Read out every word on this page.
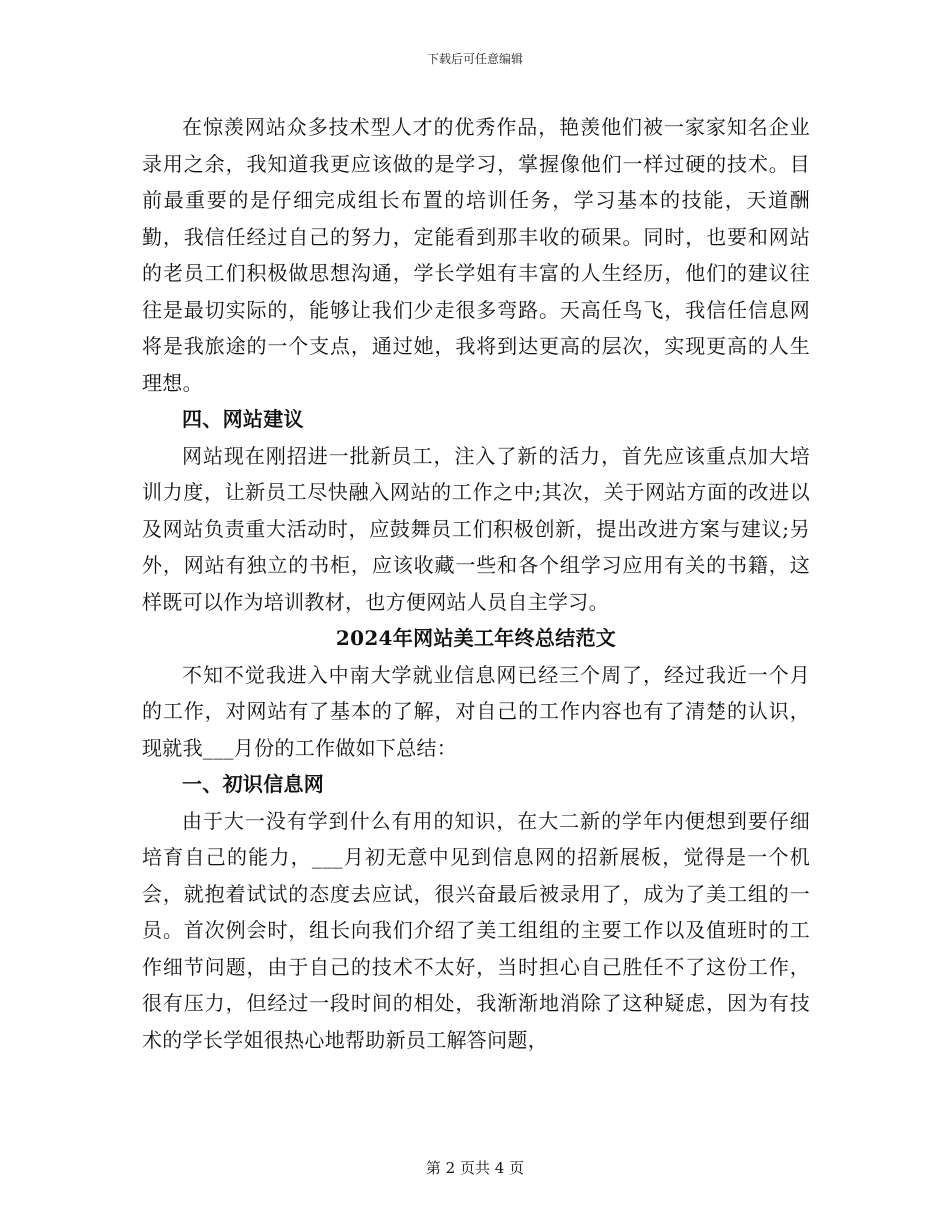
下载后可任意编辑

在惊羡网站众多技术型人才的优秀作品，艳羡他们被一家家知名企业录用之余，我知道我更应该做的是学习，掌握像他们一样过硬的技术。目前最重要的是仔细完成组长布置的培训任务，学习基本的技能，天道酬勤，我信任经过自己的努力，定能看到那丰收的硕果。同时，也要和网站的老员工们积极做思想沟通，学长学姐有丰富的人生经历，他们的建议往往是最切实际的，能够让我们少走很多弯路。天高任鸟飞，我信任信息网将是我旅途的一个支点，通过她，我将到达更高的层次，实现更高的人生理想。

四、网站建议

网站现在刚招进一批新员工，注入了新的活力，首先应该重点加大培训力度，让新员工尽快融入网站的工作之中;其次，关于网站方面的改进以及网站负责重大活动时，应鼓舞员工们积极创新，提出改进方案与建议;另外，网站有独立的书柜，应该收藏一些和各个组学习应用有关的书籍，这样既可以作为培训教材，也方便网站人员自主学习。

2024年网站美工年终总结范文

不知不觉我进入中南大学就业信息网已经三个周了，经过我近一个月的工作，对网站有了基本的了解，对自己的工作内容也有了清楚的认识，现就我___月份的工作做如下总结：

一、初识信息网

由于大一没有学到什么有用的知识，在大二新的学年内便想到要仔细培育自己的能力，___月初无意中见到信息网的招新展板，觉得是一个机会，就抱着试试的态度去应试，很兴奋最后被录用了，成为了美工组的一员。首次例会时，组长向我们介绍了美工组组的主要工作以及值班时的工作细节问题，由于自己的技术不太好，当时担心自己胜任不了这份工作，很有压力，但经过一段时间的相处，我渐渐地消除了这种疑虑，因为有技术的学长学姐很热心地帮助新员工解答问题，

第 2 页共 4 页
